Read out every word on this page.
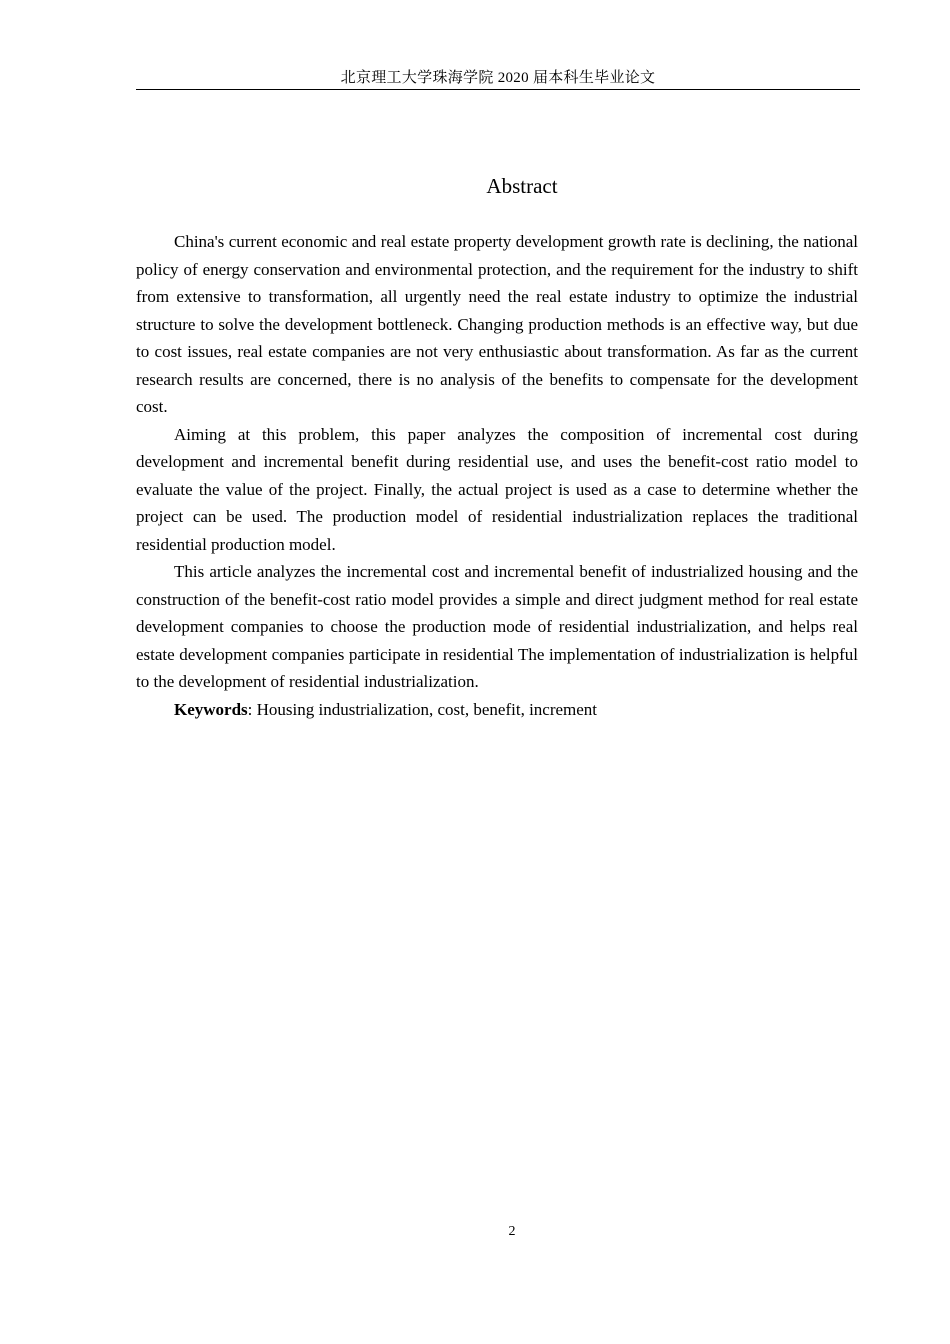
北京理工大学珠海学院 2020 届本科生毕业论文
Abstract

China's current economic and real estate property development growth rate is declining, the national policy of energy conservation and environmental protection, and the requirement for the industry to shift from extensive to transformation, all urgently need the real estate industry to optimize the industrial structure to solve the development bottleneck. Changing production methods is an effective way, but due to cost issues, real estate companies are not very enthusiastic about transformation. As far as the current research results are concerned, there is no analysis of the benefits to compensate for the development cost.

Aiming at this problem, this paper analyzes the composition of incremental cost during development and incremental benefit during residential use, and uses the benefit-cost ratio model to evaluate the value of the project. Finally, the actual project is used as a case to determine whether the project can be used. The production model of residential industrialization replaces the traditional residential production model.

This article analyzes the incremental cost and incremental benefit of industrialized housing and the construction of the benefit-cost ratio model provides a simple and direct judgment method for real estate development companies to choose the production mode of residential industrialization, and helps real estate development companies participate in residential The implementation of industrialization is helpful to the development of residential industrialization.

Keywords: Housing industrialization, cost, benefit, increment

2
